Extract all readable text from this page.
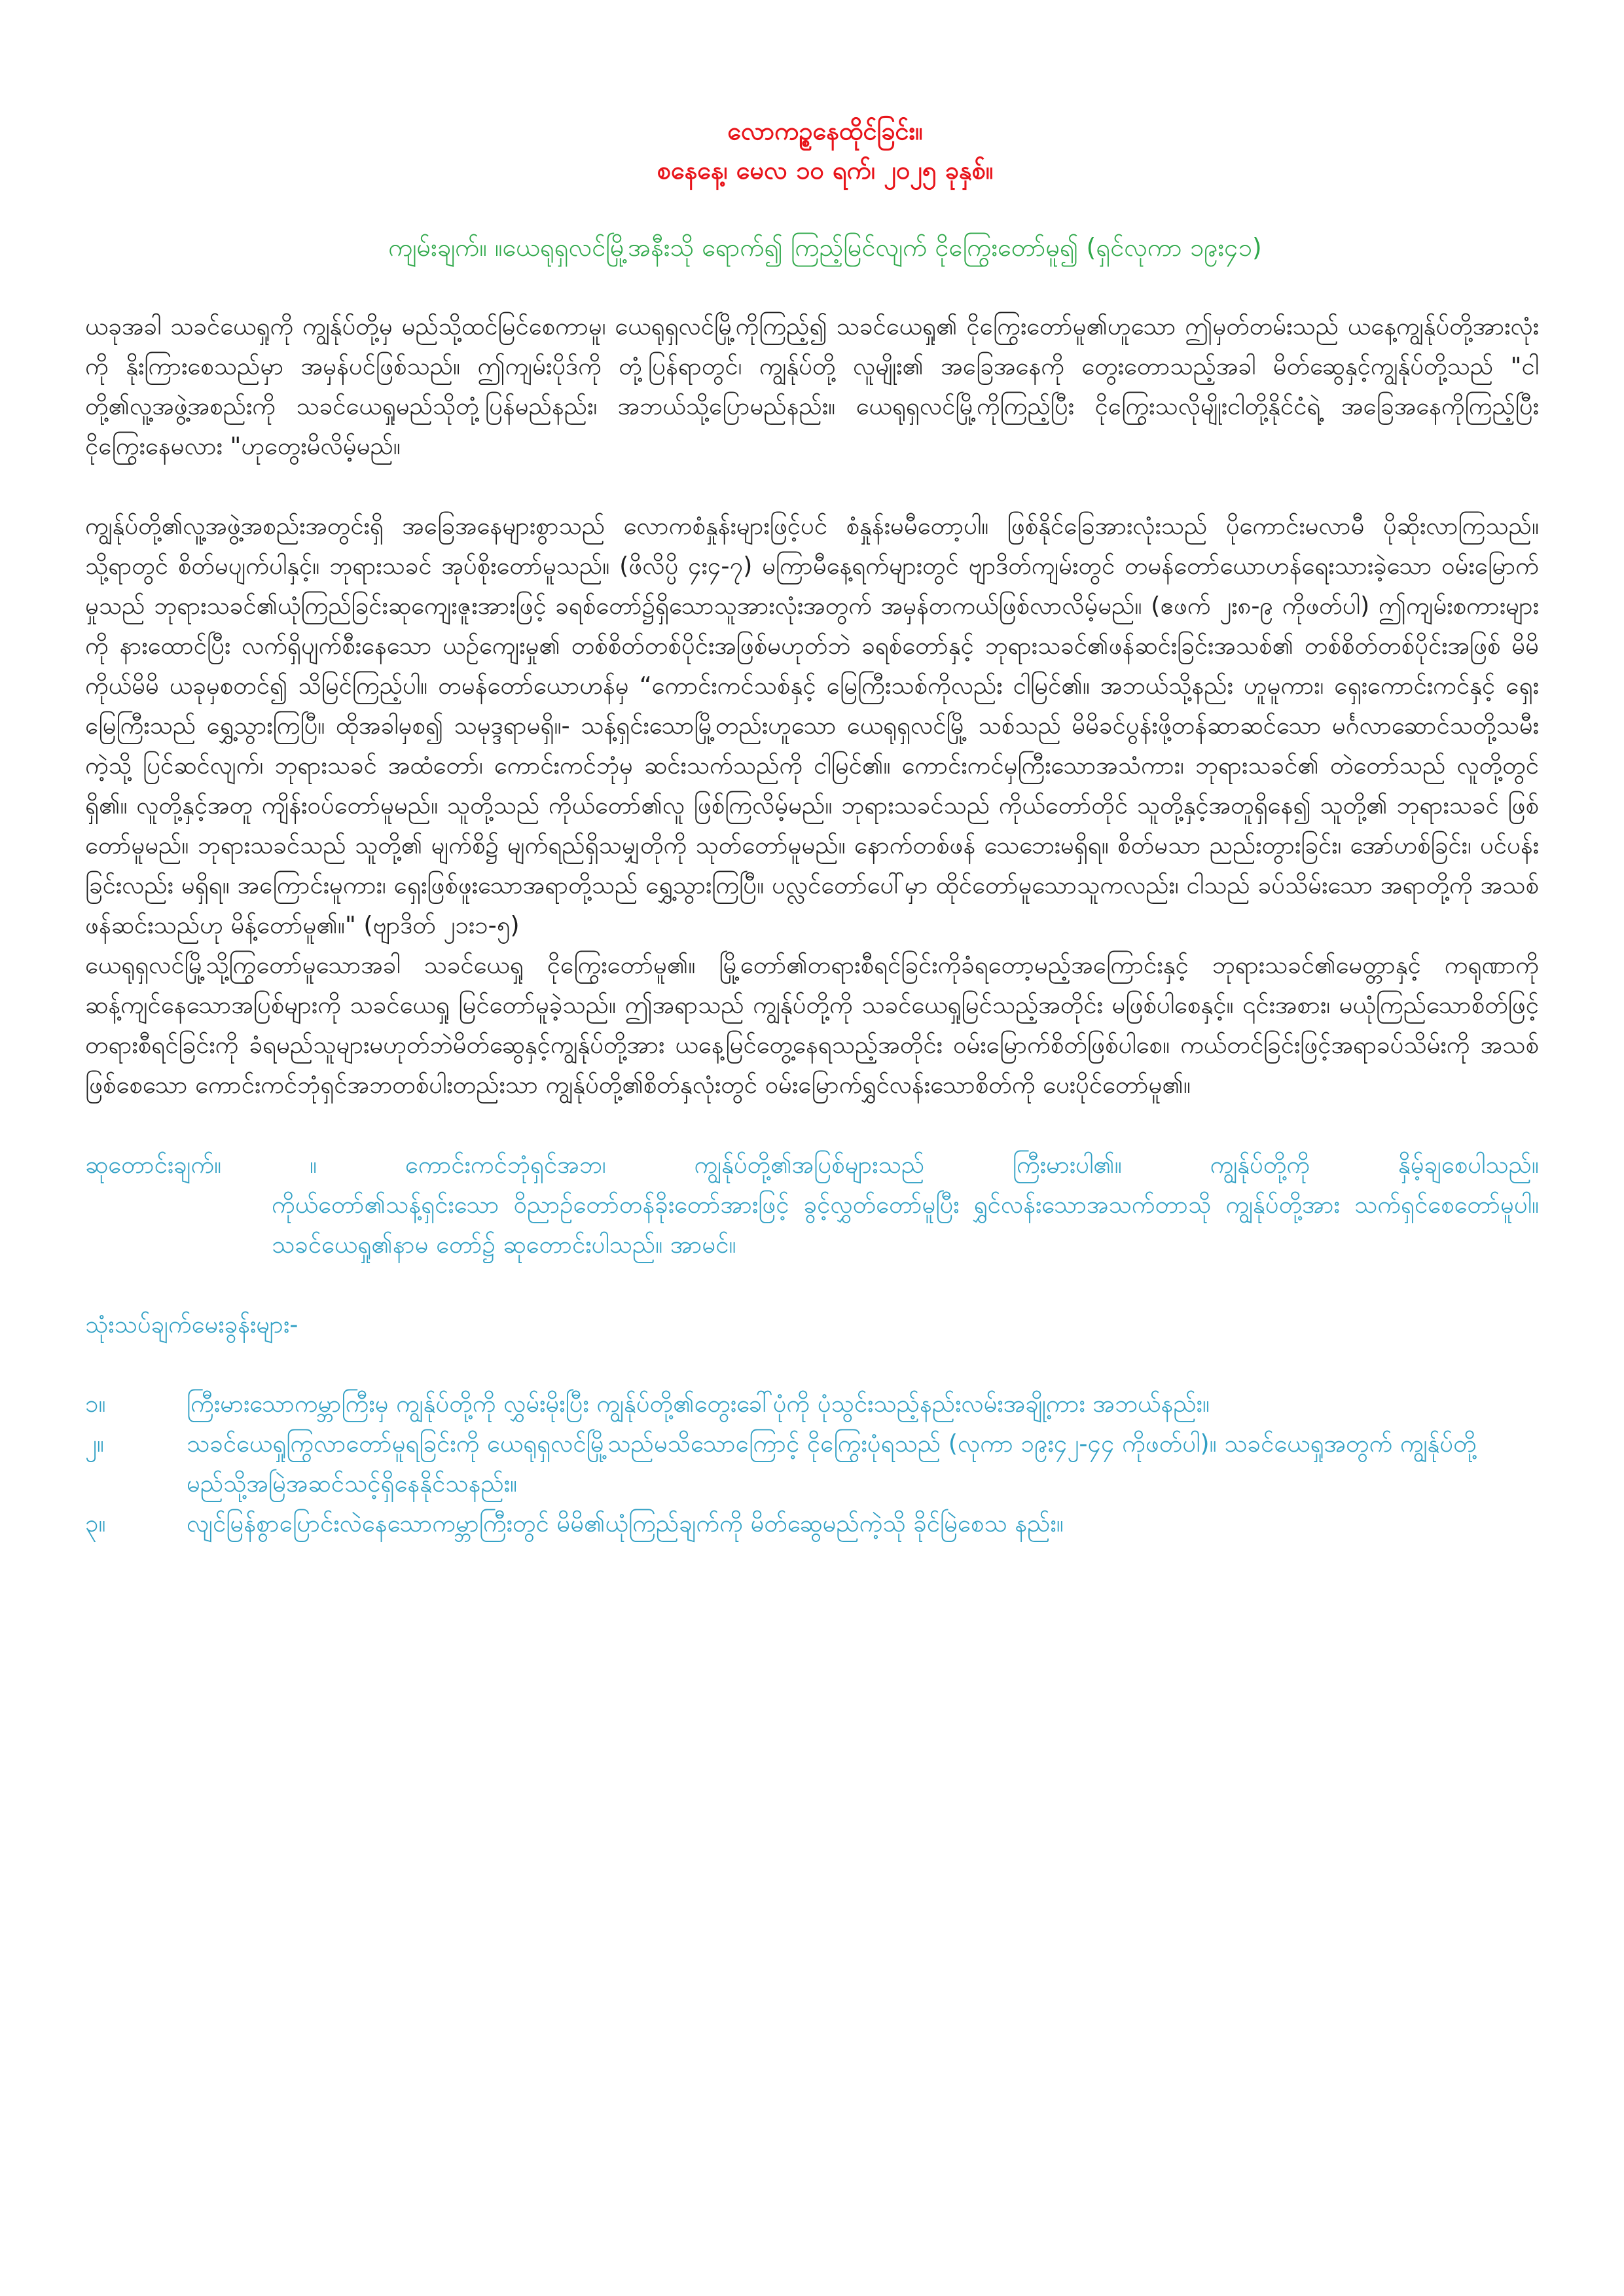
လောကဉ္စနေထိုင်ခြင်း။
စနေနေ့၊ မေလ ၁၀ ရက်၊ ၂၀၂၅ ခုနှစ်။
ကျမ်းချက်။ ။ယေရုရှလင်မြို့အနီးသို ရောက်၍ ကြည့်မြင်လျက် ငိုကြွေးတော်မူ၍ (ရှင်လုကာ ၁၉း၄၁)

ယခုအခါ သခင်ယေရှုကို ကျွန်ုပ်တို့မှ မည်သို့ထင်မြင်စေကာမူ၊ ယေရုရှလင်မြို့ကိုကြည့်၍ သခင်ယေရှု၏ ငိုကြွေးတော်မူ၏ဟူသော ဤမှတ်တမ်းသည် ယနေ့ကျွန်ုပ်တို့အားလုံးကို နိုးကြားစေသည်မှာ အမှန်ပင်ဖြစ်သည်။ ဤကျမ်းပိုဒ်ကို တုံ့ပြန်ရာတွင်၊ ကျွန်ုပ်တို့ လူမျိုး၏ အခြေအနေကို တွေးတောသည့်အခါ မိတ်ဆွေနှင့်ကျွန်ုပ်တို့သည် "ငါတို့၏လူ့အဖွဲ့အစည်းကို သခင်ယေရှုမည်သိုတုံ့ပြန်မည်နည်း၊ အဘယ်သို့ပြောမည်နည်း။ ယေရုရှလင်မြို့ကိုကြည့်ပြီး ငိုကြွေးသလိုမျိုးငါတို့နိုင်ငံရဲ့ အခြေအနေကိုကြည့်ပြီး ငိုကြွေးနေမလား "ဟုတွေးမိလိမ့်မည်။

ကျွန်ုပ်တို့၏လူ့အဖွဲ့အစည်းအတွင်းရှိ အခြေအနေများစွာသည် လောကစံနှုန်းများဖြင့်ပင် စံနှုန်းမမီတော့ပါ။ ဖြစ်နိုင်ခြေအားလုံးသည် ပိုကောင်းမလာမီ ပိုဆိုးလာကြသည်။ သို့ရာတွင် စိတ်မပျက်ပါနှင့်။ ဘုရားသခင် အုပ်စိုးတော်မူသည်။ (ဖိလိပ္ပိ ၄း၄-၇) မကြာမီနေ့ရက်များတွင် ဗျာဒိတ်ကျမ်းတွင် တမန်တော်ယောဟန်ရေးသားခဲ့သော ဝမ်းမြောက်မှုသည် ဘုရားသခင်၏ယုံကြည်ခြင်းဆုကျေးဇူးအားဖြင့် ခရစ်တော်၌ရှိသောသူအားလုံးအတွက် အမှန်တကယ်ဖြစ်လာလိမ့်မည်။ (ဧဖက် ၂း၈-၉ ကိုဖတ်ပါ) ဤကျမ်းစကားများကို နားထောင်ပြီး လက်ရှိပျက်စီးနေသော ယဉ်ကျေးမှု၏ တစ်စိတ်တစ်ပိုင်းအဖြစ်မဟုတ်ဘဲ ခရစ်တော်နှင့် ဘုရားသခင်၏ဖန်ဆင်းခြင်းအသစ်၏ တစ်စိတ်တစ်ပိုင်းအဖြစ် မိမိကိုယ်မိမိ ယခုမှစတင်၍ သိမြင်ကြည့်ပါ။ တမန်တော်ယောဟန်မှ “ကောင်းကင်သစ်နှင့် မြေကြီးသစ်ကိုလည်း ငါမြင်၏။ အဘယ်သို့နည်း ဟူမူကား၊ ရှေးကောင်းကင်နှင့် ရှေးမြေကြီးသည် ရွှေ့သွားကြပြီ။ ထိုအခါမှစ၍ သမုဒ္ဒရာမရှိ။- သန့်ရှင်းသောမြို့တည်းဟူသော ယေရုရှလင်မြို့ သစ်သည် မိမိခင်ပွန်းဖို့တန်ဆာဆင်သော မင်္ဂလာဆောင်သတို့သမီးကဲ့သို့ ပြင်ဆင်လျက်၊ ဘုရားသခင် အထံတော်၊ ကောင်းကင်ဘုံမှ ဆင်းသက်သည်ကို ငါမြင်၏။ ကောင်းကင်မှကြီးသောအသံကား၊ ဘုရားသခင်၏ တဲတော်သည် လူတို့တွင်ရှိ၏။ လူတို့နှင့်အတူ ကျိန်းဝပ်တော်မူမည်။ သူတို့သည် ကိုယ်တော်၏လူ ဖြစ်ကြလိမ့်မည်။ ဘုရားသခင်သည် ကိုယ်တော်တိုင် သူတို့နှင့်အတူရှိနေ၍ သူတို့၏ ဘုရားသခင် ဖြစ်တော်မူမည်။ ဘုရားသခင်သည် သူတို့၏ မျက်စိ၌ မျက်ရည်ရှိသမျှတိုကို သုတ်တော်မူမည်။ နောက်တစ်ဖန် သေဘေးမရှိရ။ စိတ်မသာ ညည်းတွားခြင်း၊ အော်ဟစ်ခြင်း၊ ပင်ပန်းခြင်းလည်း မရှိရ။ အကြောင်းမူကား၊ ရှေးဖြစ်ဖူးသောအရာတို့သည် ရွှေ့သွားကြပြီ။ ပလ္လင်တော်ပေါ်မှာ ထိုင်တော်မူသောသူကလည်း၊ ငါသည် ခပ်သိမ်းသော အရာတို့ကို အသစ် ဖန်ဆင်းသည်ဟု မိန့်တော်မူ၏။" (ဗျာဒိတ် ၂၁း၁-၅)

ယေရုရှလင်မြို့သို့ကြွတော်မူသောအခါ သခင်ယေရှု ငိုကြွေးတော်မူ၏။ မြို့တော်၏တရားစီရင်ခြင်းကိုခံရတော့မည့်အကြောင်းနှင့် ဘုရားသခင်၏မေတ္တာနှင့် ကရုဏာကို ဆန့်ကျင်နေသောအပြစ်များကို သခင်ယေရှု မြင်တော်မူခဲ့သည်။ ဤအရာသည် ကျွန်ုပ်တို့ကို သခင်ယေရှုမြင်သည့်အတိုင်း မဖြစ်ပါစေနှင့်။ ၎င်းအစား၊ မယုံကြည်သောစိတ်ဖြင့် တရားစီရင်ခြင်းကို ခံရမည်သူများမဟုတ်ဘဲမိတ်ဆွေနှင့်ကျွန်ုပ်တို့အား ယနေ့မြင်တွေ့နေရသည့်အတိုင်း ဝမ်းမြောက်စိတ်ဖြစ်ပါစေ။ ကယ်တင်ခြင်းဖြင့်အရာခပ်သိမ်းကို အသစ်ဖြစ်စေသော ကောင်းကင်ဘုံရှင်အဘတစ်ပါးတည်းသာ ကျွန်ုပ်တို့၏စိတ်နှလုံးတွင် ဝမ်းမြောက်ရွှင်လန်းသောစိတ်ကို ပေးပိုင်တော်မူ၏။

ဆုတောင်းချက်။ ။ ကောင်းကင်ဘုံရှင်အဘ၊ ကျွန်ုပ်တို့၏အပြစ်များသည် ကြီးမားပါ၏။ ကျွန်ုပ်တို့ကို နှိမ့်ချစေပါသည်။
ကိုယ်တော်၏သန့်ရှင်းသော ဝိညာဉ်တော်တန်ခိုးတော်အားဖြင့် ခွင့်လွှတ်တော်မူပြီး ရွှင်လန်းသောအသက်တာသို ကျွန်ုပ်တို့အား သက်ရှင်စေတော်မူပါ။ သခင်ယေရှု၏နာမ တော်၌ ဆုတောင်းပါသည်။ အာမင်။
သုံးသပ်ချက်မေးခွန်းများ-
၁။	ကြီးမားသောကမ္ဘာကြီးမှ ကျွန်ုပ်တို့ကို လွှမ်းမိုးပြီး ကျွန်ုပ်တို့၏တွေးခေါ်ပုံကို ပုံသွင်းသည့်နည်းလမ်းအချို့ကား အဘယ်နည်း။
၂။	သခင်ယေရှုကြွလာတော်မူရခြင်းကို ယေရုရှလင်မြို့သည်မသိသောကြောင့် ငိုကြွေးပုံရသည် (လုကာ ၁၉း၄၂-၄၄ ကိုဖတ်ပါ)။ သခင်ယေရှုအတွက် ကျွန်ုပ်တို့ မည်သို့အမြဲအဆင်သင့်ရှိနေနိုင်သနည်း။
၃။	လျင်မြန်စွာပြောင်းလဲနေသောကမ္ဘာကြီးတွင် မိမိ၏ယုံကြည်ချက်ကို မိတ်ဆွေမည်ကဲ့သို ခိုင်မြဲစေသ နည်း။
